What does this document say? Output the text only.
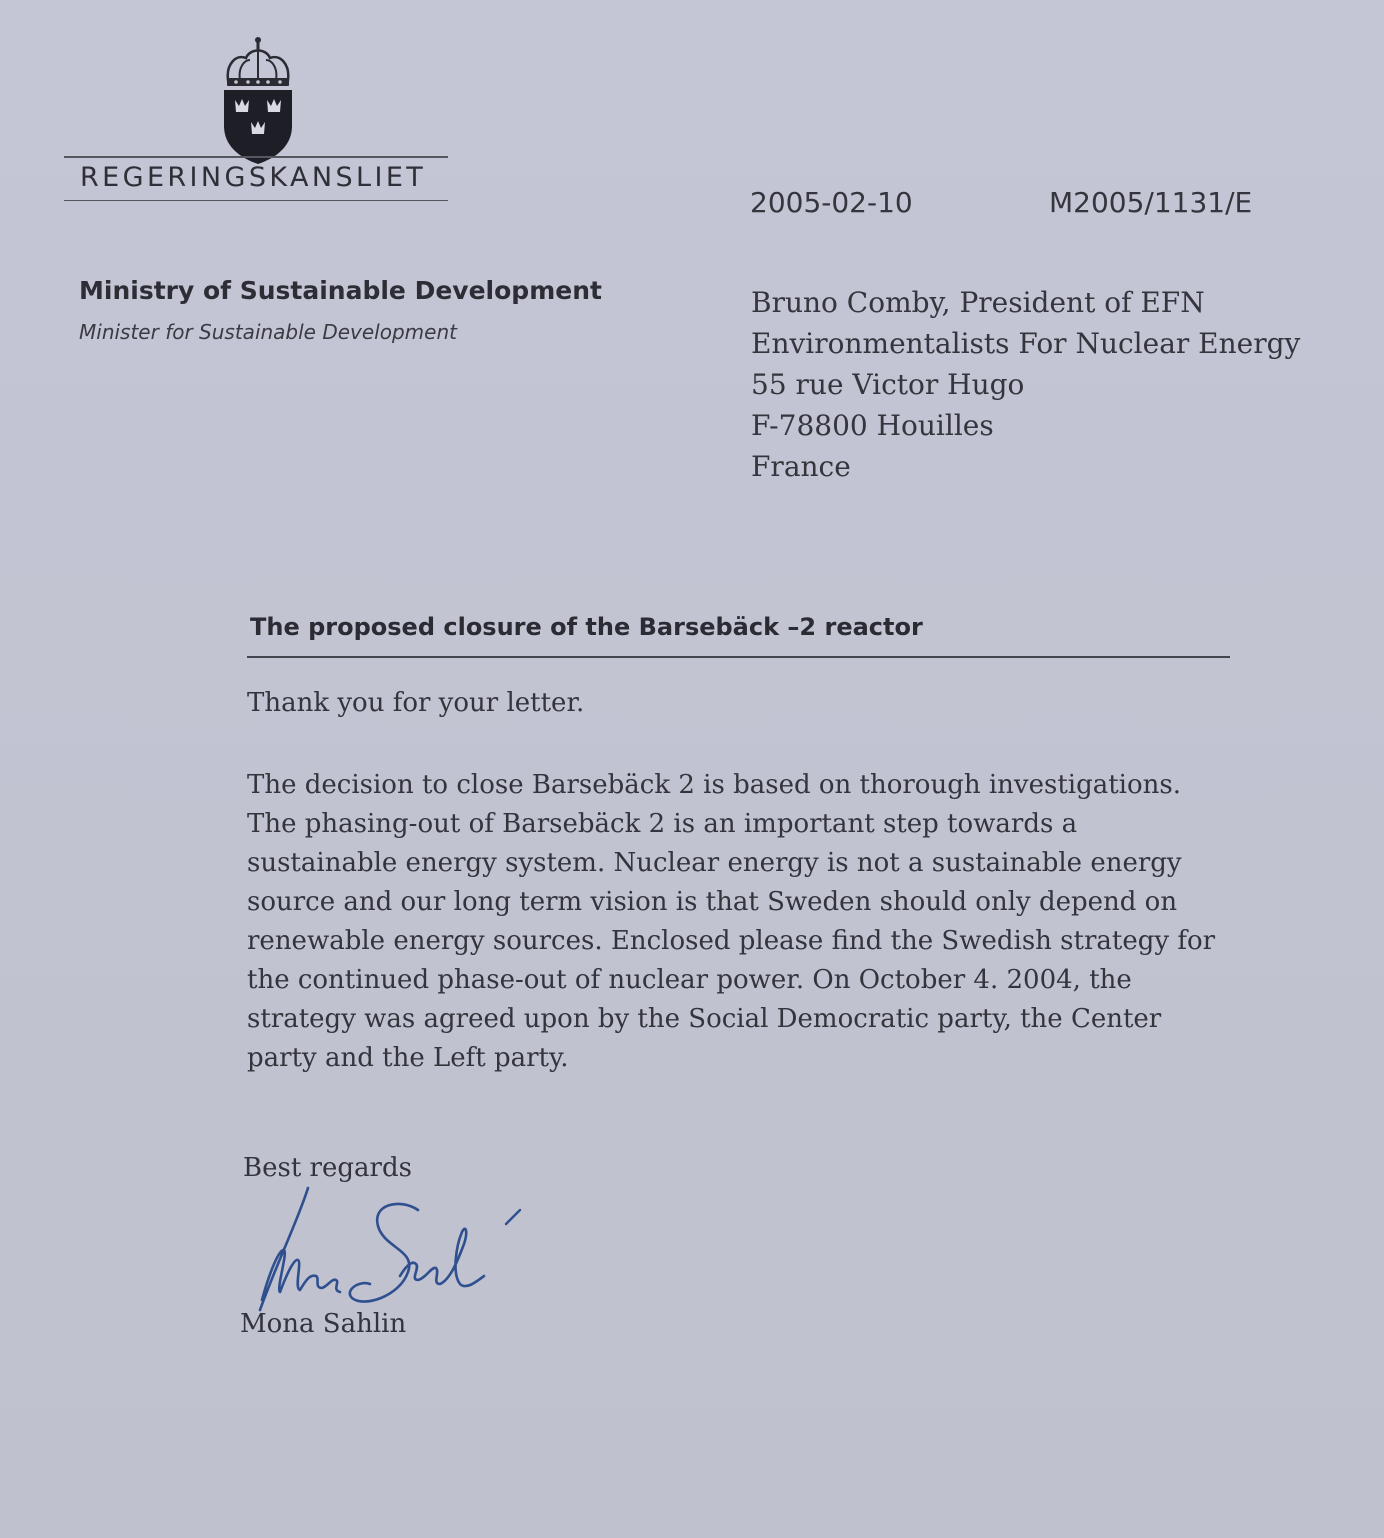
REGERINGSKANSLIET
2005-02-10	M2005/1131/E
Ministry of Sustainable Development
Minister for Sustainable Development
Bruno Comby, President of EFN
Environmentalists For Nuclear Energy
55 rue Victor Hugo
F-78800 Houilles
France
The proposed closure of the Barsebäck –2 reactor
Thank you for your letter.
The decision to close Barsebäck 2 is based on thorough investigations. The phasing-out of Barsebäck 2 is an important step towards a sustainable energy system. Nuclear energy is not a sustainable energy source and our long term vision is that Sweden should only depend on renewable energy sources. Enclosed please find the Swedish strategy for the continued phase-out of nuclear power. On October 4. 2004, the strategy was agreed upon by the Social Democratic party, the Center party and the Left party.
Best regards
Mona Sahlin
